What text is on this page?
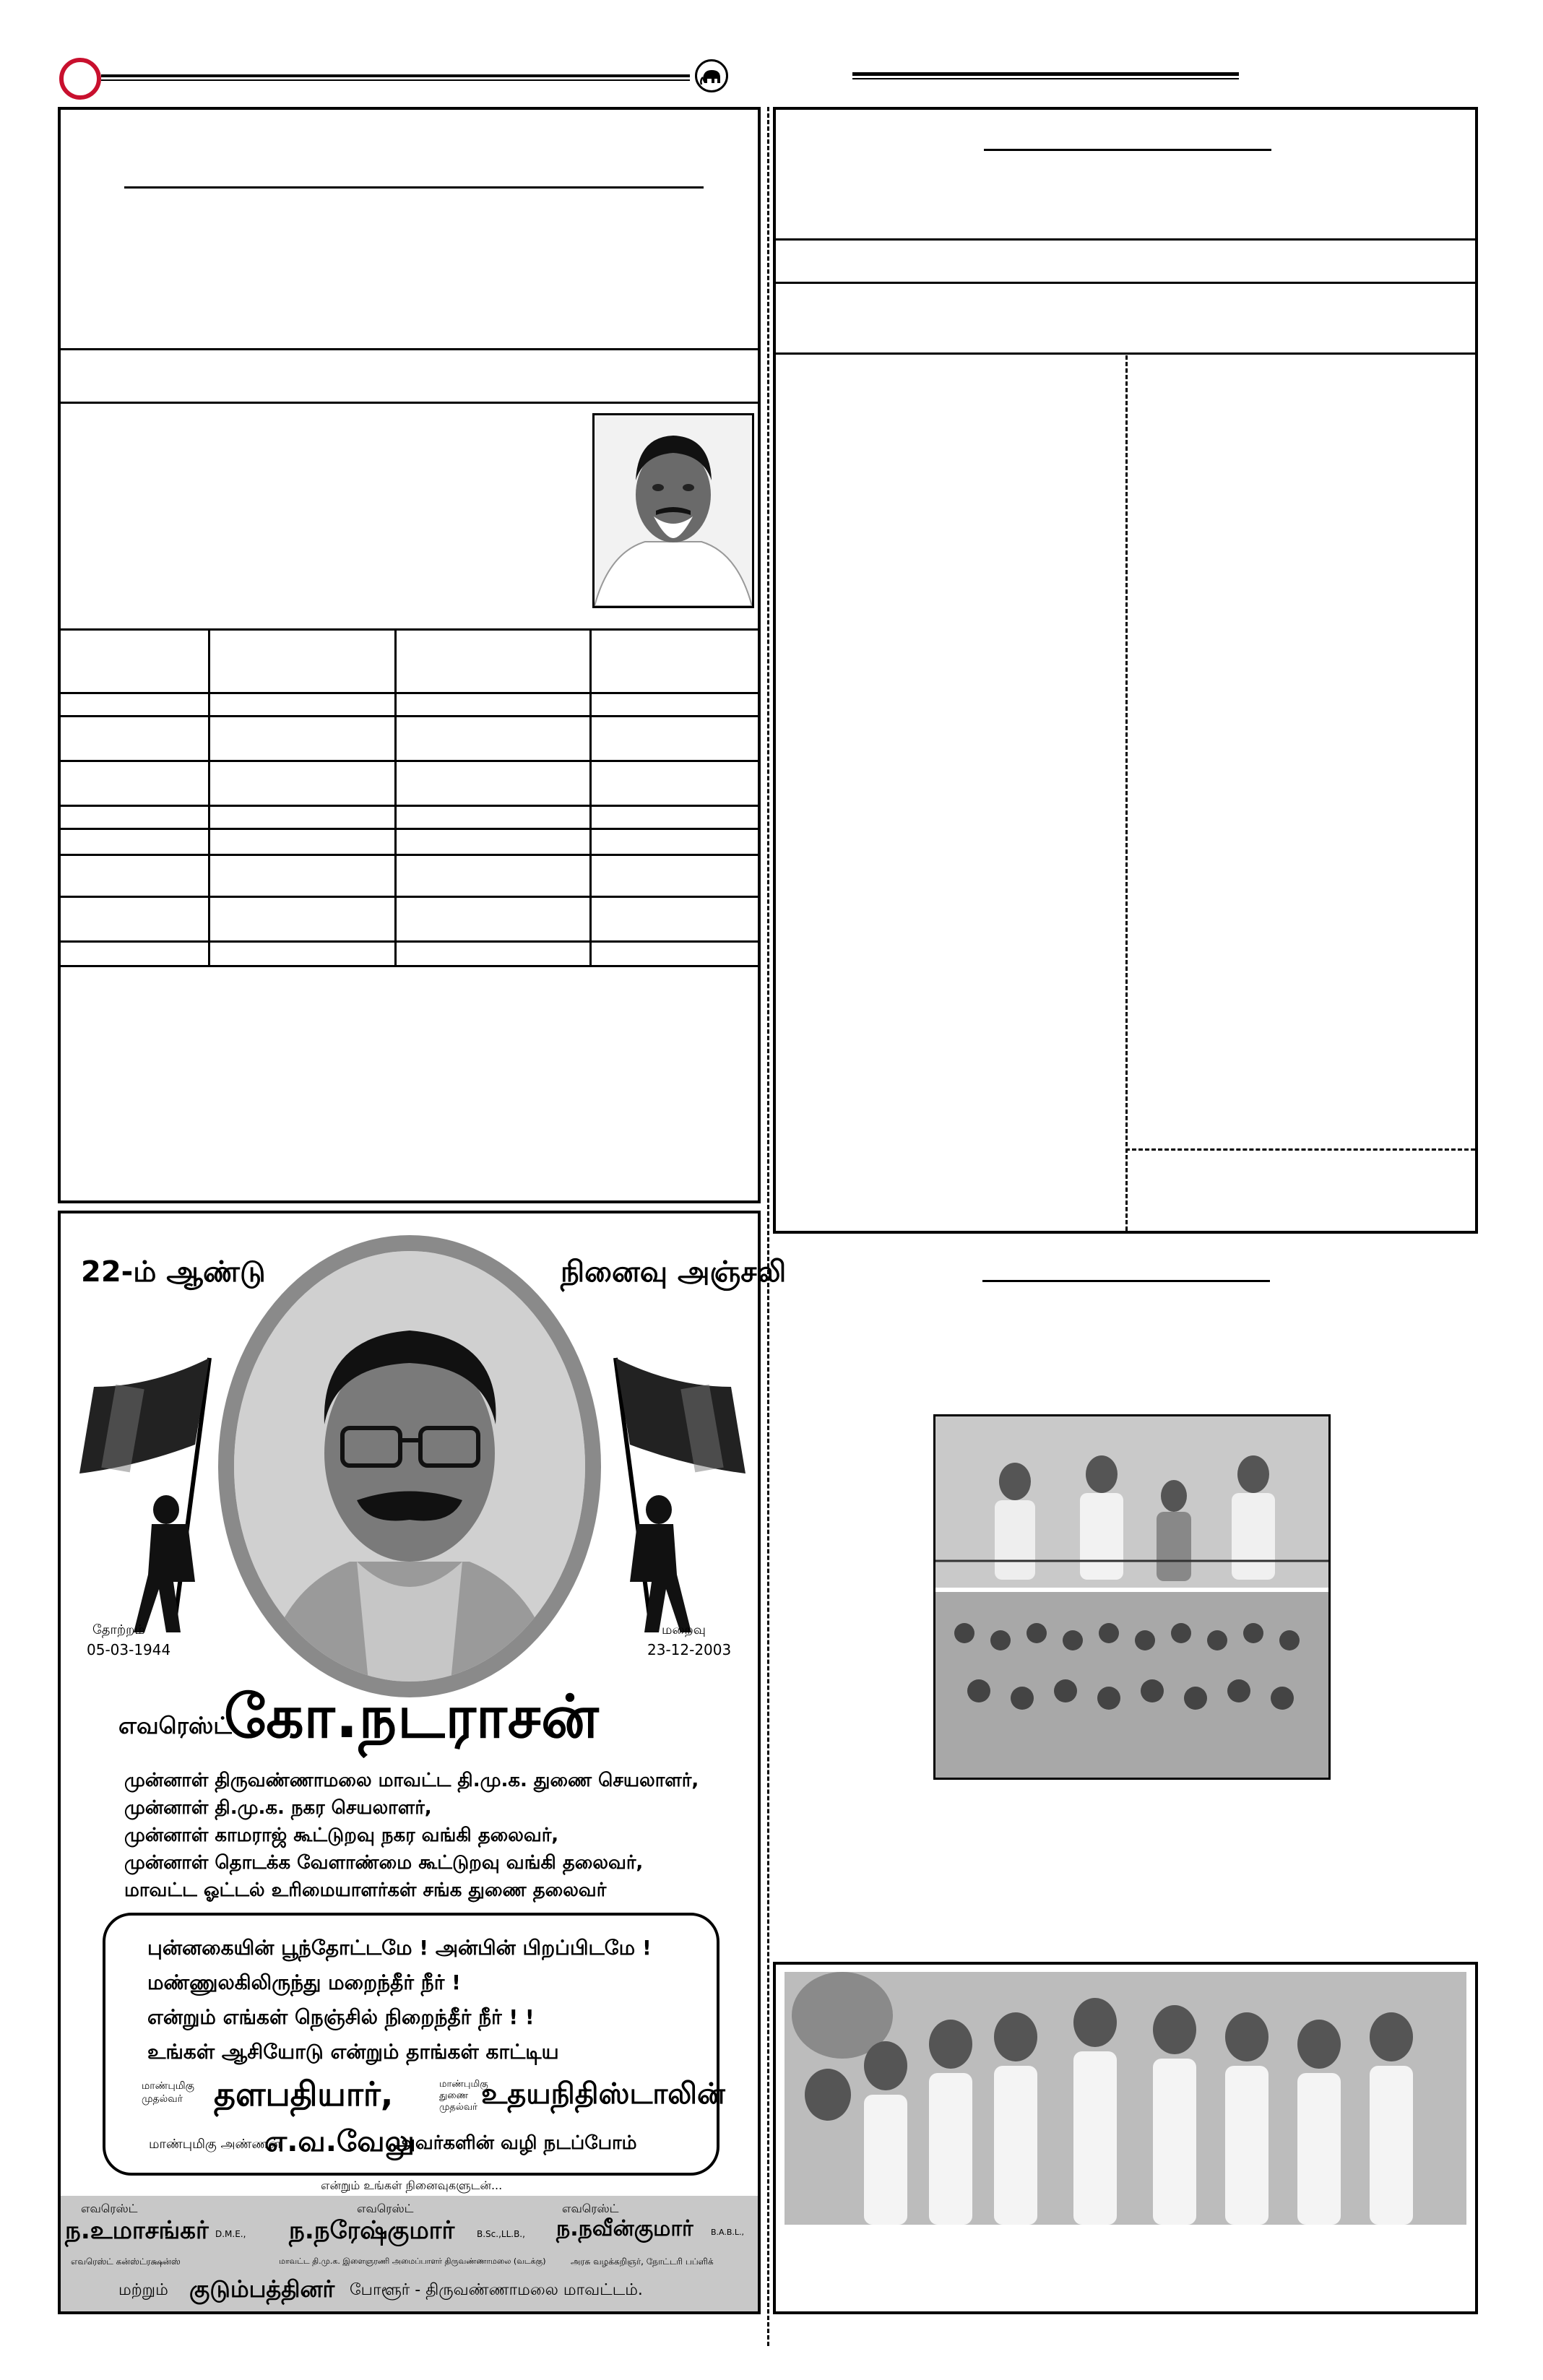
22-ம் ஆண்டு	நினைவு அஞ்சலி
தோற்றம்
05-03-1944
மறைவு
23-12-2003
எவரெஸ்ட்
கோ.நடராசன்
முன்னாள் திருவண்ணாமலை மாவட்ட தி.மு.க. துணை செயலாளர்,
முன்னாள் தி.மு.க. நகர செயலாளர்,
முன்னாள் காமராஜ் கூட்டுறவு நகர வங்கி தலைவர்,
முன்னாள் தொடக்க வேளாண்மை கூட்டுறவு வங்கி தலைவர்,
மாவட்ட ஓட்டல் உரிமையாளர்கள் சங்க துணை தலைவர்
புன்னகையின் பூந்தோட்டமே ! அன்பின் பிறப்பிடமே !
மண்ணுலகிலிருந்து மறைந்தீர் நீர் !
என்றும் எங்கள் நெஞ்சில் நிறைந்தீர் நீர் ! !
உங்கள் ஆசியோடு என்றும் தாங்கள் காட்டிய
மாண்புமிகு முதல்வர் தளபதியார்,	மாண்புமிகு துணை முதல்வர் உதயநிதிஸ்டாலின்
மாண்புமிகு அண்ணன்
எ.வ.வேலு
அவர்களின் வழி நடப்போம்
என்றும் உங்கள் நினைவுகளுடன்...
எவரெஸ்ட்
ந.உமாசங்கர் D.M.E.,
எவரெஸ்ட் கன்ஸ்ட்ரக்ஷன்ஸ்
எவரெஸ்ட்
ந.நரேஷ்குமார்	B.Sc.,LL.B.,
மாவட்ட தி.மு.க. இளைஞரணி அமைப்பாளர் திருவண்ணாமலை (வடக்கு)
எவரெஸ்ட்
ந.நவீன்குமார் B.A.B.L.,
அரசு வழக்கறிஞர், நோட்டரி பப்ளிக்
மற்றும் குடும்பத்தினர் போளூர் - திருவண்ணாமலை மாவட்டம்.
